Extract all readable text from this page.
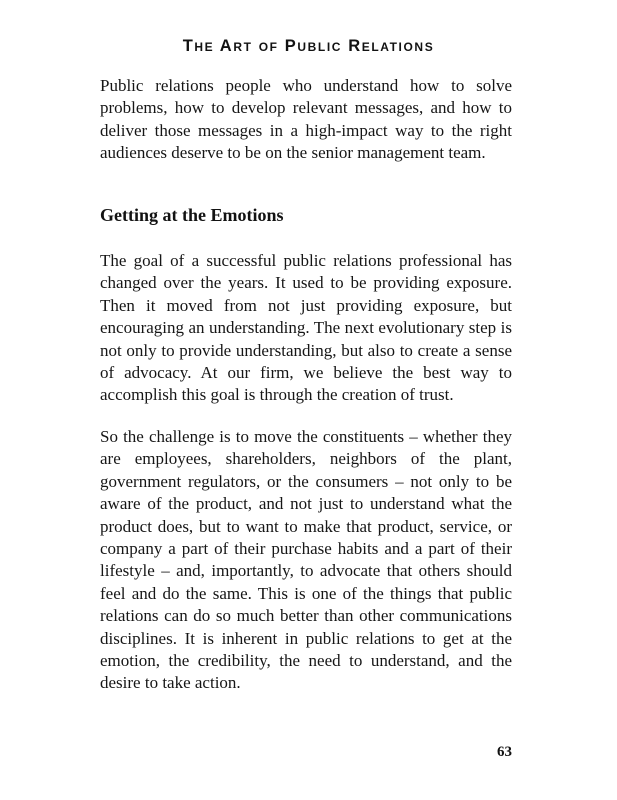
The Art of Public Relations

Public relations people who understand how to solve problems, how to develop relevant messages, and how to deliver those messages in a high-impact way to the right audiences deserve to be on the senior management team.

Getting at the Emotions

The goal of a successful public relations professional has changed over the years. It used to be providing exposure. Then it moved from not just providing exposure, but encouraging an understanding. The next evolutionary step is not only to provide understanding, but also to create a sense of advocacy. At our firm, we believe the best way to accomplish this goal is through the creation of trust.

So the challenge is to move the constituents – whether they are employees, shareholders, neighbors of the plant, government regulators, or the consumers – not only to be aware of the product, and not just to understand what the product does, but to want to make that product, service, or company a part of their purchase habits and a part of their lifestyle – and, importantly, to advocate that others should feel and do the same. This is one of the things that public relations can do so much better than other communications disciplines. It is inherent in public relations to get at the emotion, the credibility, the need to understand, and the desire to take action.

63
